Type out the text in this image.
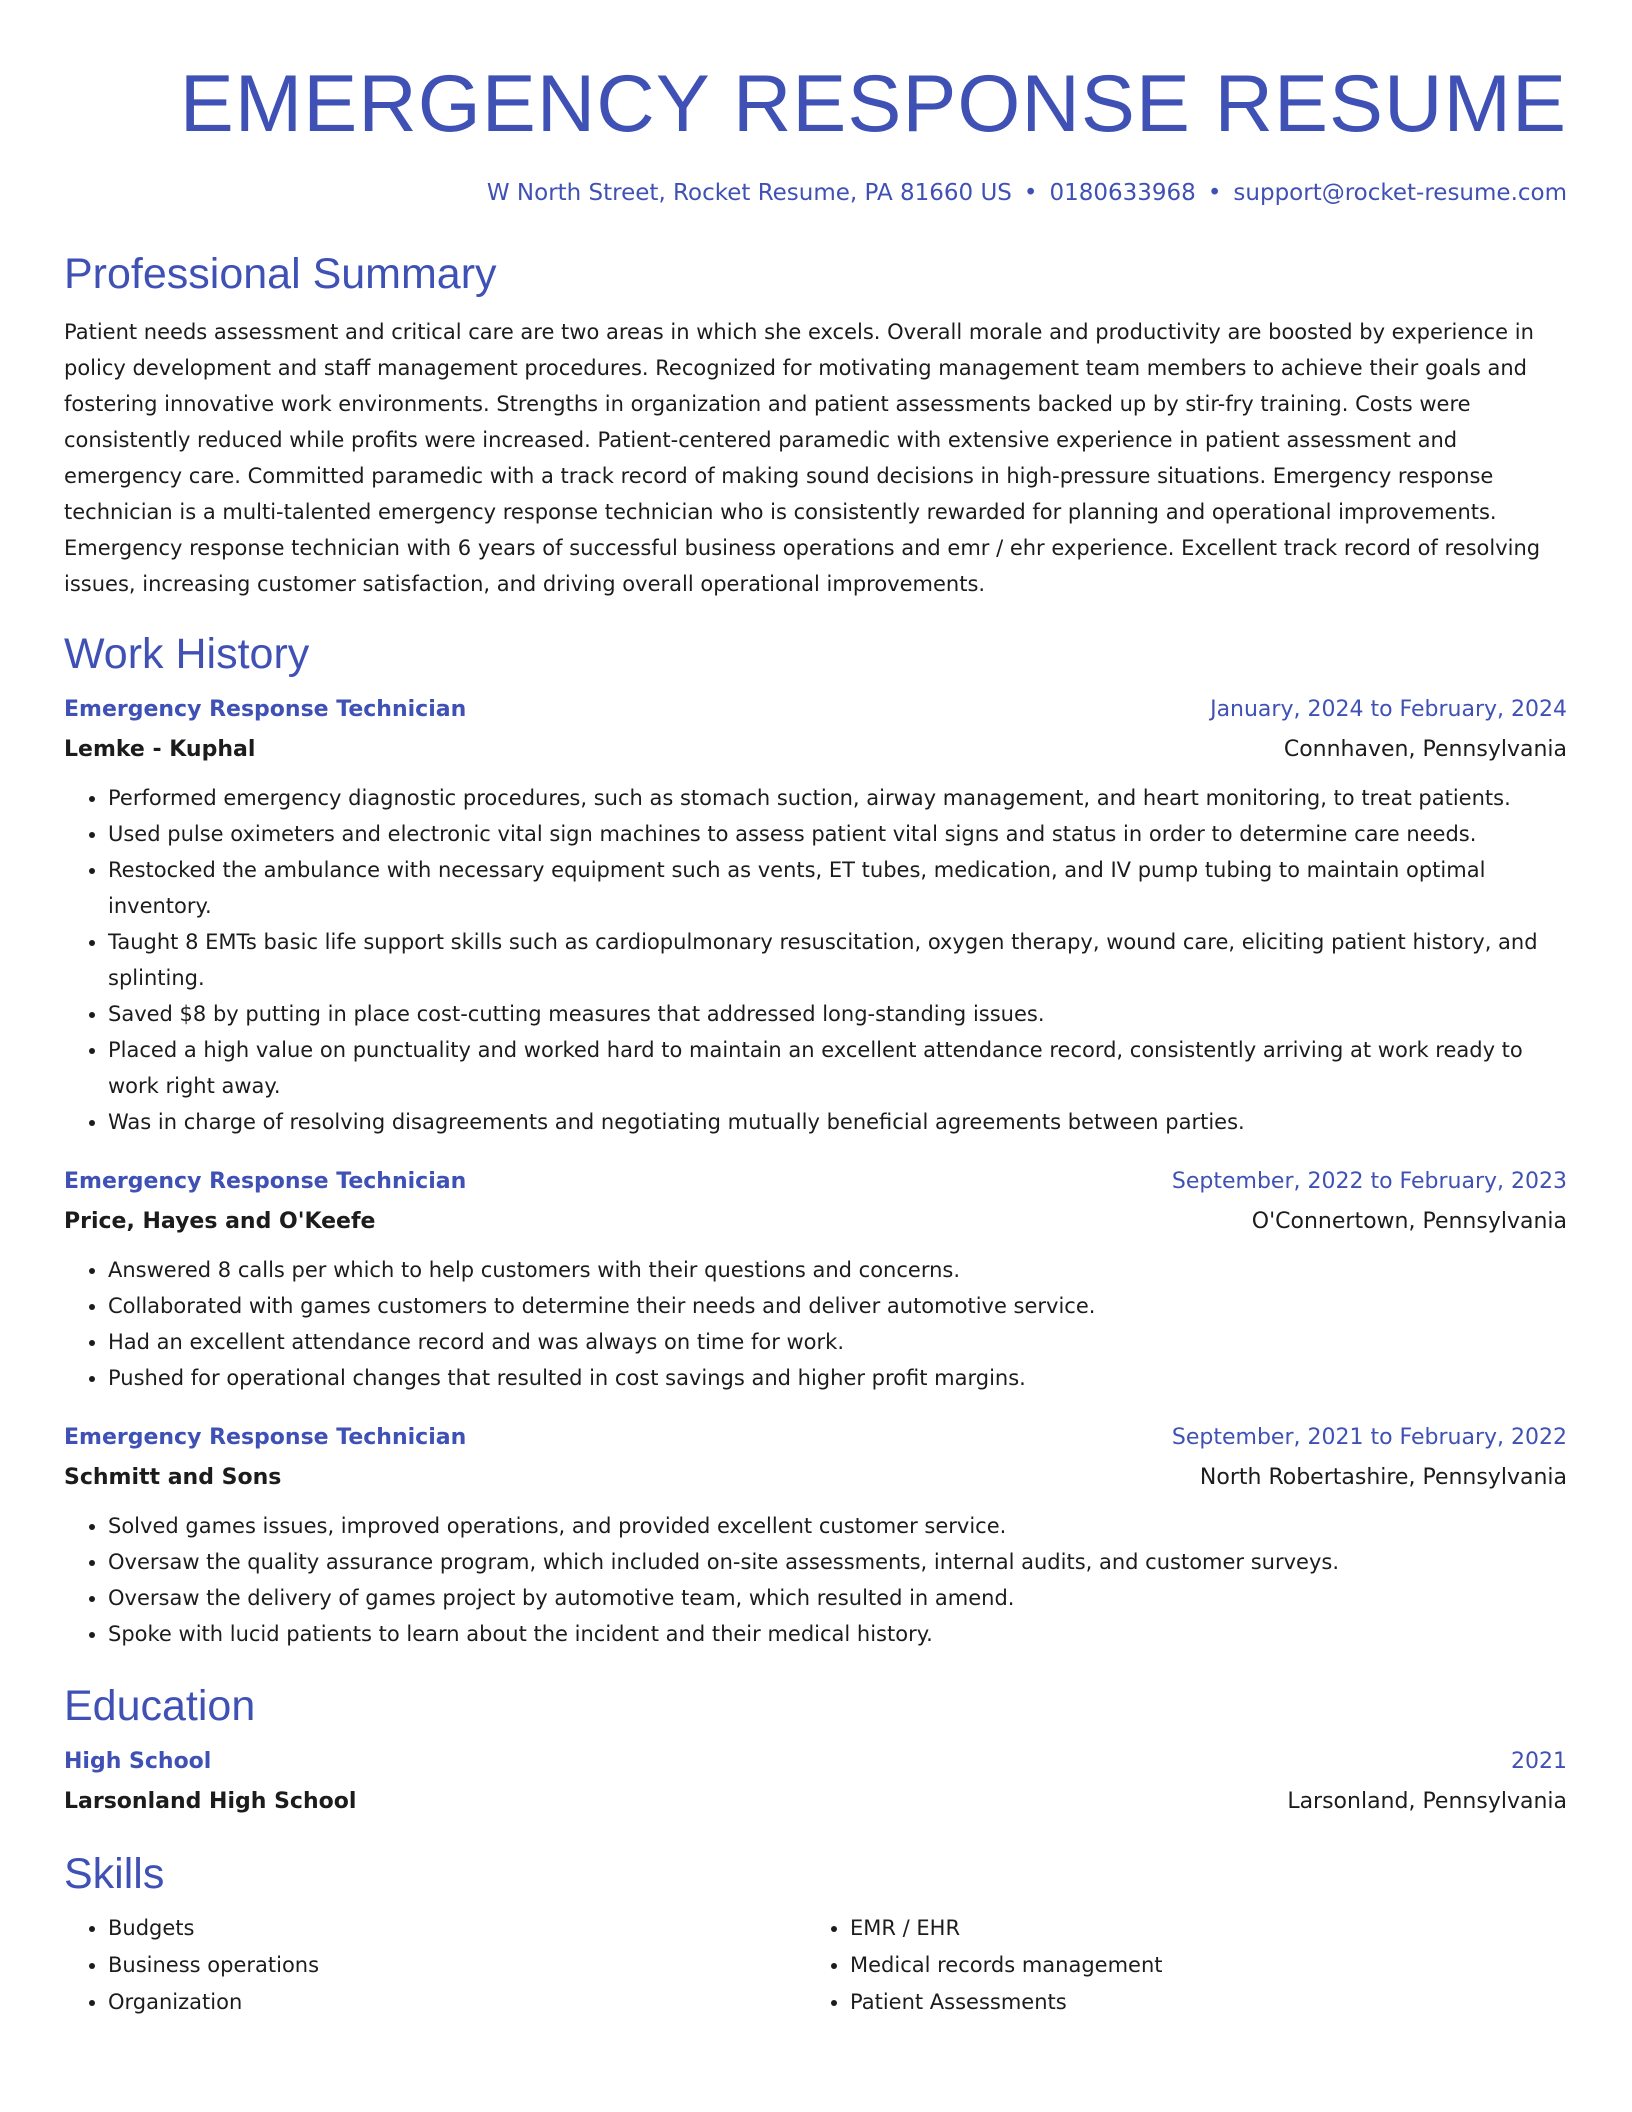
EMERGENCY RESPONSE RESUME
W North Street, Rocket Resume, PA 81660 US • 0180633968 • support@rocket-resume.com
Professional Summary

Patient needs assessment and critical care are two areas in which she excels. Overall morale and productivity are boosted by experience in policy development and staff management procedures. Recognized for motivating management team members to achieve their goals and fostering innovative work environments. Strengths in organization and patient assessments backed up by stir-fry training. Costs were consistently reduced while profits were increased. Patient-centered paramedic with extensive experience in patient assessment and emergency care. Committed paramedic with a track record of making sound decisions in high-pressure situations. Emergency response technician is a multi-talented emergency response technician who is consistently rewarded for planning and operational improvements. Emergency response technician with 6 years of successful business operations and emr / ehr experience. Excellent track record of resolving issues, increasing customer satisfaction, and driving overall operational improvements.

Work History
Emergency Response Technician	January, 2024 to February, 2024
Lemke - Kuphal	Connhaven, Pennsylvania
• Performed emergency diagnostic procedures, such as stomach suction, airway management, and heart monitoring, to treat patients.
• Used pulse oximeters and electronic vital sign machines to assess patient vital signs and status in order to determine care needs.
• Restocked the ambulance with necessary equipment such as vents, ET tubes, medication, and IV pump tubing to maintain optimal inventory.
• Taught 8 EMTs basic life support skills such as cardiopulmonary resuscitation, oxygen therapy, wound care, eliciting patient history, and splinting.
• Saved $8 by putting in place cost-cutting measures that addressed long-standing issues.
• Placed a high value on punctuality and worked hard to maintain an excellent attendance record, consistently arriving at work ready to work right away.
• Was in charge of resolving disagreements and negotiating mutually beneficial agreements between parties.
Emergency Response Technician	September, 2022 to February, 2023
Price, Hayes and O'Keefe	O'Connertown, Pennsylvania
• Answered 8 calls per which to help customers with their questions and concerns.
• Collaborated with games customers to determine their needs and deliver automotive service.
• Had an excellent attendance record and was always on time for work.
• Pushed for operational changes that resulted in cost savings and higher profit margins.
Emergency Response Technician	September, 2021 to February, 2022
Schmitt and Sons	North Robertashire, Pennsylvania
• Solved games issues, improved operations, and provided excellent customer service.
• Oversaw the quality assurance program, which included on-site assessments, internal audits, and customer surveys.
• Oversaw the delivery of games project by automotive team, which resulted in amend.
• Spoke with lucid patients to learn about the incident and their medical history.
Education
High School	2021
Larsonland High School	Larsonland, Pennsylvania
Skills
• Budgets
• Business operations
• Organization
• EMR / EHR
• Medical records management
• Patient Assessments
